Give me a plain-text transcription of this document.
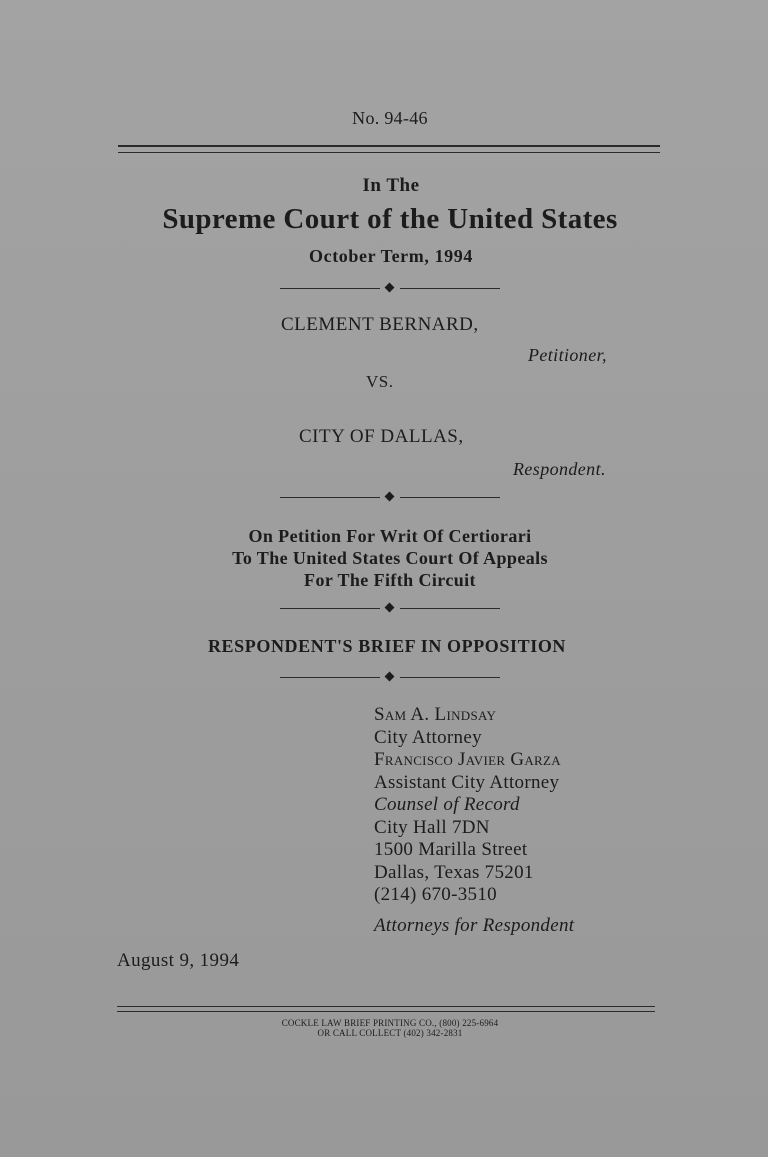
No. 94-46
In The
Supreme Court of the United States
October Term, 1994
CLEMENT BERNARD,
Petitioner,
VS.
CITY OF DALLAS,
Respondent.
On Petition For Writ Of Certiorari
To The United States Court Of Appeals
For The Fifth Circuit
RESPONDENT'S BRIEF IN OPPOSITION
Sam A. Lindsay
City Attorney
Francisco Javier Garza
Assistant City Attorney
Counsel of Record
City Hall 7DN
1500 Marilla Street
Dallas, Texas 75201
(214) 670-3510
Attorneys for Respondent
August 9, 1994
COCKLE LAW BRIEF PRINTING CO., (800) 225-6964
OR CALL COLLECT (402) 342-2831
